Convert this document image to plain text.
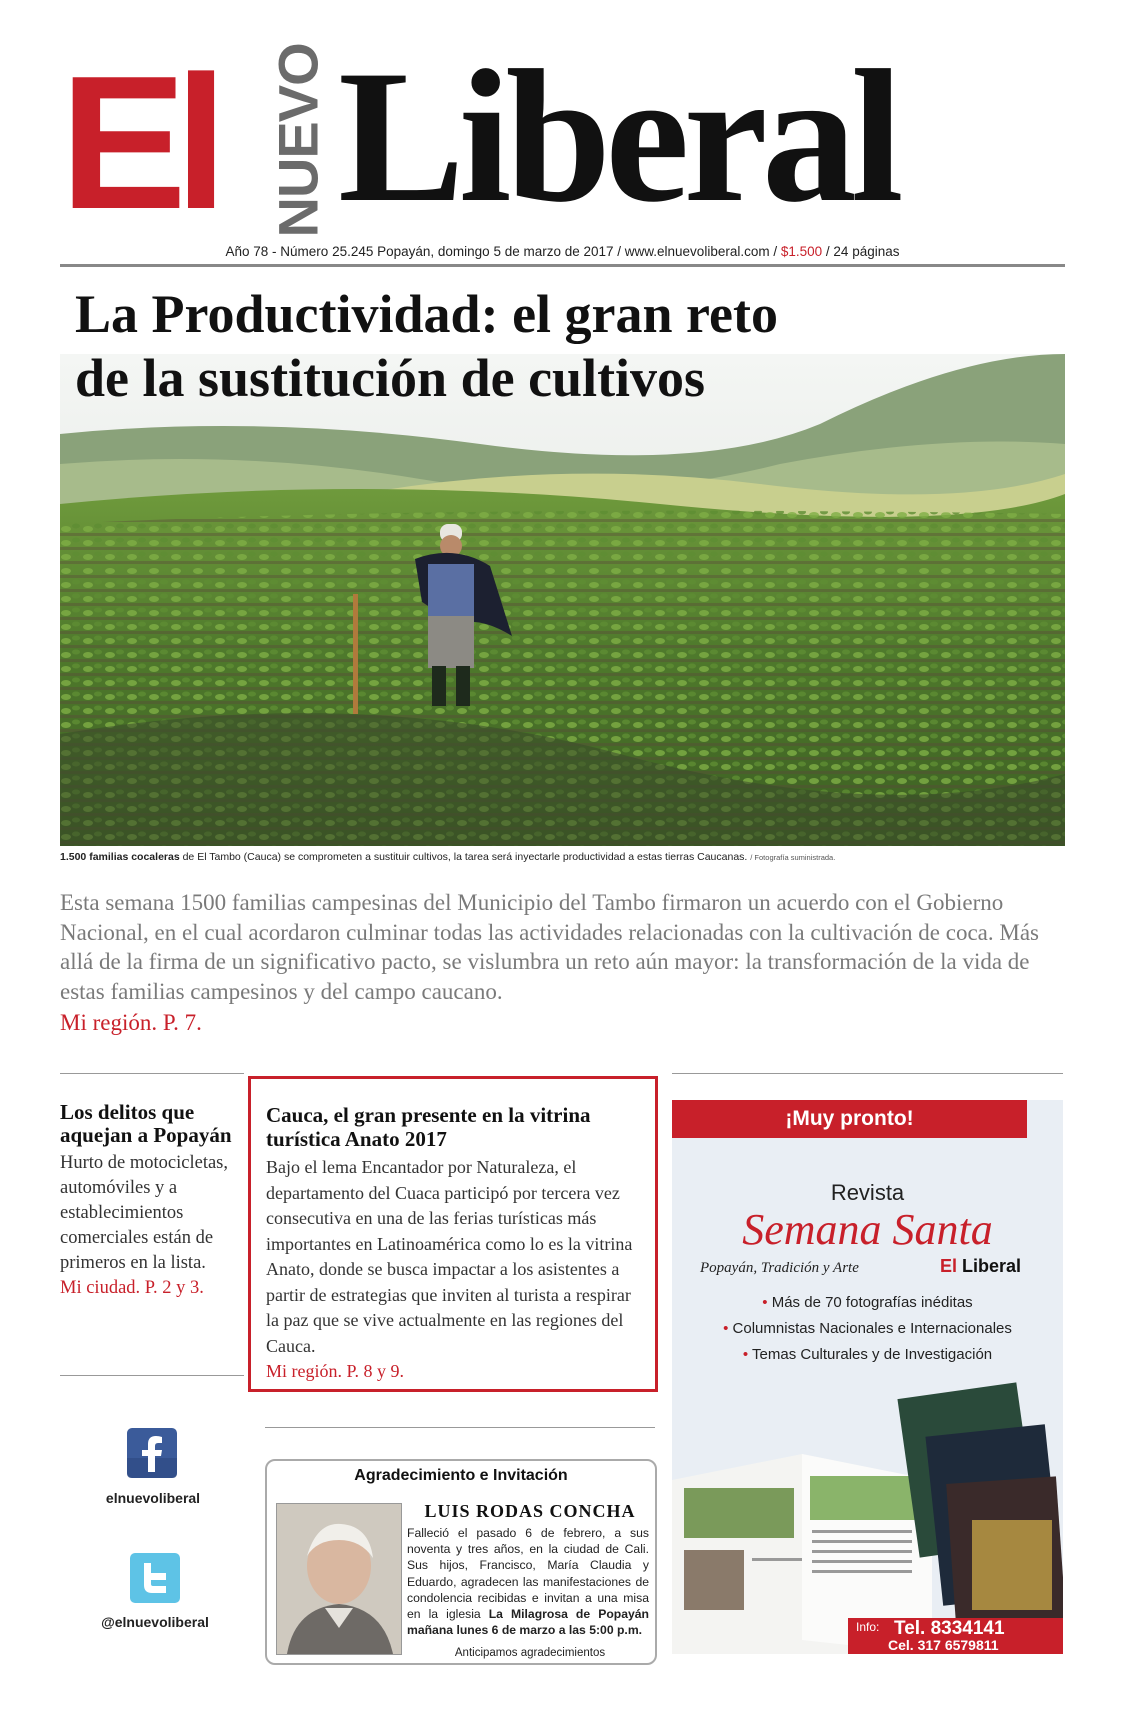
El NUEVO Liberal
Año 78 - Número 25.245 Popayán, domingo 5 de marzo de 2017 / www.elnuevoliberal.com / $1.500 / 24 páginas
La Productividad: el gran reto
de la sustitución de cultivos
1.500 familias cocaleras de El Tambo (Cauca) se comprometen a sustituir cultivos, la tarea será inyectarle productividad a estas tierras Caucanas. / Fotografía suministrada.
Esta semana 1500 familias campesinas del Municipio del Tambo firmaron un acuerdo con el Gobierno Nacional, en el cual acordaron culminar todas las actividades relacionadas con la cultivación de coca. Más allá de la firma de un significativo pacto, se vislumbra un reto aún mayor: la transformación de la vida de estas familias campesinos y del campo caucano.
Mi región. P. 7.
Los delitos que aquejan a Popayán

Hurto de motocicletas, automóviles y a establecimientos comerciales están de primeros en la lista.

Mi ciudad. P. 2 y 3.
Cauca, el gran presente en la vitrina turística Anato 2017

Bajo el lema Encantador por Naturaleza, el departamento del Cuaca participó por tercera vez consecutiva en una de las ferias turísticas más importantes en Latinoamérica como lo es la vitrina Anato, donde se busca impactar a los asistentes a partir de estrategias que inviten al turista a respirar la paz que se vive actualmente en las regiones del Cauca.

Mi región. P. 8 y 9.
elnuevoliberal
@elnuevoliberal
Agradecimiento e Invitación
LUIS RODAS CONCHA
Falleció el pasado 6 de febrero, a sus noventa y tres años, en la ciudad de Cali. Sus hijos, Francisco, María Claudia y Eduardo, agradecen las manifestaciones de condolencia recibidas e invitan a una misa en la iglesia La Milagrosa de Popayán mañana lunes 6 de marzo a las 5:00 p.m.
Anticipamos agradecimientos
¡Muy pronto!
Revista
Semana Santa
Popayán, Tradición y Arte	El Liberal
• Más de 70 fotografías inéditas
• Columnistas Nacionales e Internacionales
• Temas Culturales y de Investigación
Info: Tel. 8334141
Cel. 317 6579811
